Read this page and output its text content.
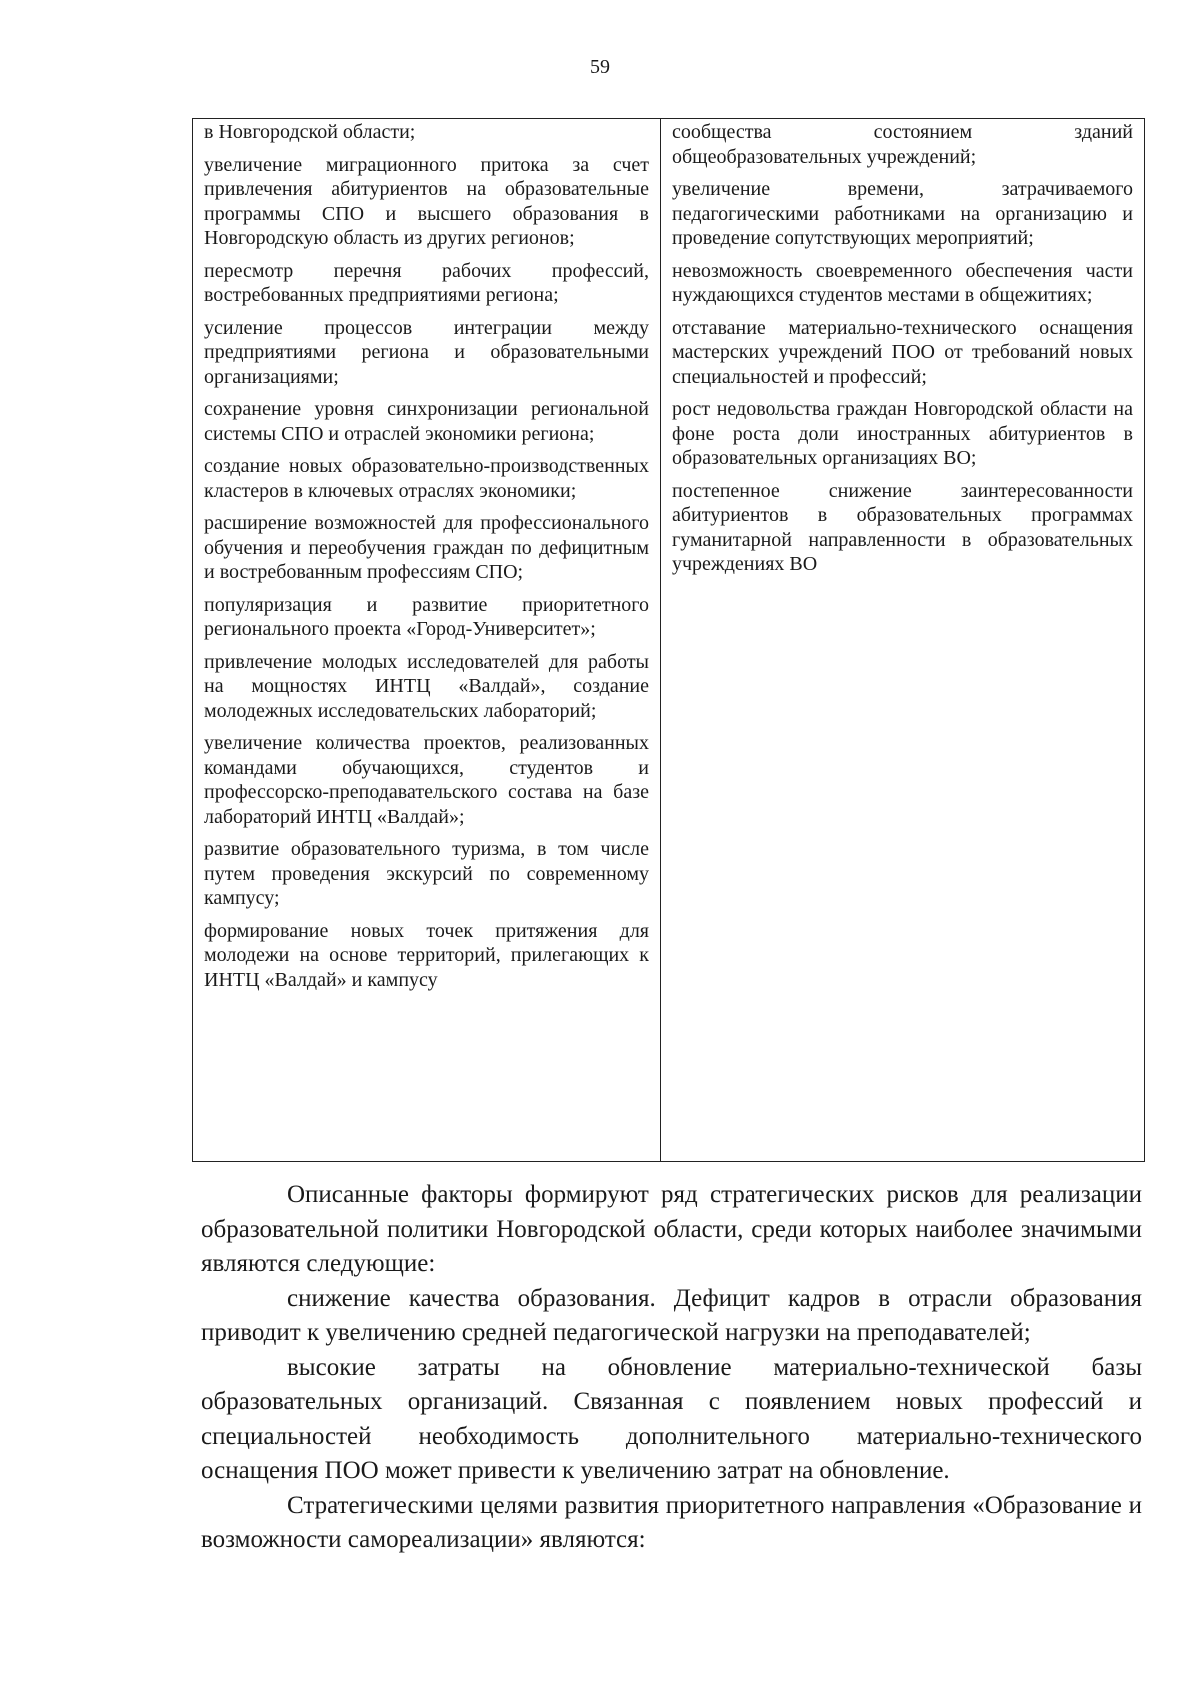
59

в Новгородской области;

увеличение миграционного притока за счет привлечения абитуриентов на образовательные программы СПО и высшего образования в Новгородскую область из других регионов;

пересмотр перечня рабочих профессий, востребованных предприятиями региона;

усиление процессов интеграции между предприятиями региона и образовательными организациями;

сохранение уровня синхронизации региональной системы СПО и отраслей экономики региона;

создание новых образовательно-производственных кластеров в ключевых отраслях экономики;

расширение возможностей для профессионального обучения и переобучения граждан по дефицитным и востребованным профессиям СПО;

популяризация и развитие приоритетного регионального проекта «Город-Университет»;

привлечение молодых исследователей для работы на мощностях ИНТЦ «Валдай», создание молодежных исследовательских лабораторий;

увеличение количества проектов, реализованных командами обучающихся, студентов и профессорско-преподавательского состава на базе лабораторий ИНТЦ «Валдай»;

развитие образовательного туризма, в том числе путем проведения экскурсий по современному кампусу;

формирование новых точек притяжения для молодежи на основе территорий, прилегающих к ИНТЦ «Валдай» и кампусу

сообщества состоянием зданий общеобразовательных учреждений;

увеличение времени, затрачиваемого педагогическими работниками на организацию и проведение сопутствующих мероприятий;

невозможность своевременного обеспечения части нуждающихся студентов местами в общежитиях;

отставание материально-технического оснащения мастерских учреждений ПОО от требований новых специальностей и профессий;

рост недовольства граждан Новгородской области на фоне роста доли иностранных абитуриентов в образовательных организациях ВО;

постепенное снижение заинтересованности абитуриентов в образовательных программах гуманитарной направленности в образовательных учреждениях ВО

Описанные факторы формируют ряд стратегических рисков для реализации образовательной политики Новгородской области, среди которых наиболее значимыми являются следующие:

снижение качества образования. Дефицит кадров в отрасли образования приводит к увеличению средней педагогической нагрузки на преподавателей;

высокие затраты на обновление материально-технической базы образовательных организаций. Связанная с появлением новых профессий и специальностей необходимость дополнительного материально-технического оснащения ПОО может привести к увеличению затрат на обновление.

Стратегическими целями развития приоритетного направления «Образование и возможности самореализации» являются:
